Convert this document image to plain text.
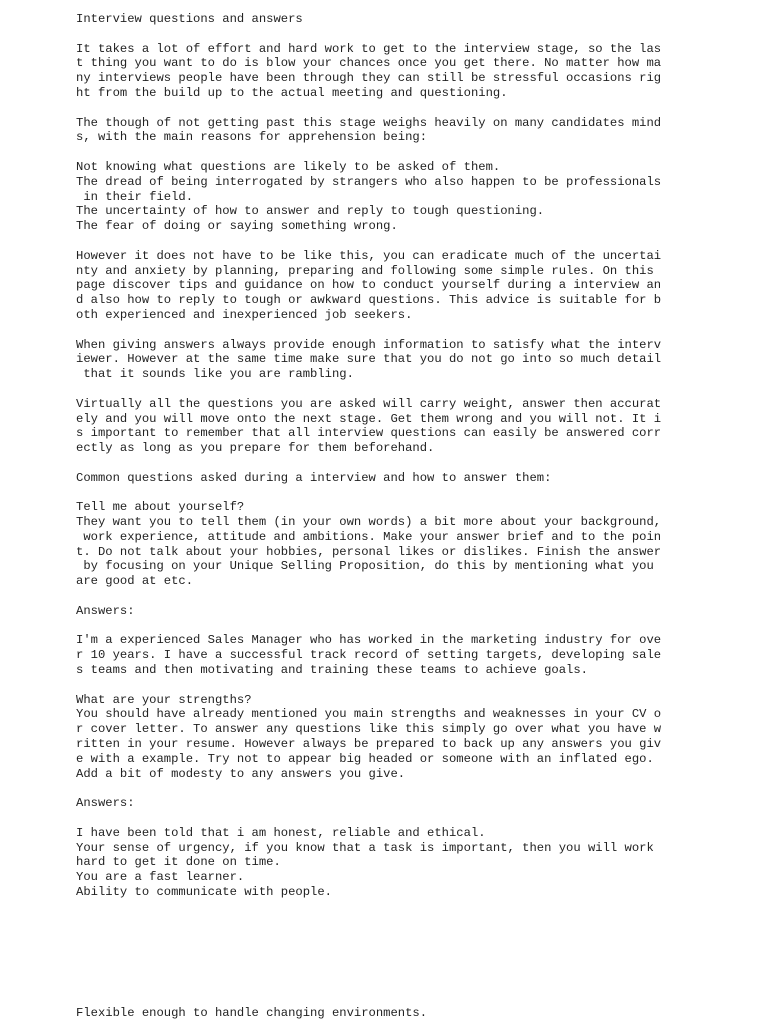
Interview questions and answers
It takes a lot of effort and hard work to get to the interview stage, so the las
t thing you want to do is blow your chances once you get there. No matter how ma
ny interviews people have been through they can still be stressful occasions rig
ht from the build up to the actual meeting and questioning.
The though of not getting past this stage weighs heavily on many candidates mind
s, with the main reasons for apprehension being:
Not knowing what questions are likely to be asked of them.
The dread of being interrogated by strangers who also happen to be professionals
in their field.
The uncertainty of how to answer and reply to tough questioning.
The fear of doing or saying something wrong.
However it does not have to be like this, you can eradicate much of the uncertai
nty and anxiety by planning, preparing and following some simple rules. On this
page discover tips and guidance on how to conduct yourself during a interview an
d also how to reply to tough or awkward questions. This advice is suitable for b
oth experienced and inexperienced job seekers.
When giving answers always provide enough information to satisfy what the interv
iewer. However at the same time make sure that you do not go into so much detail
that it sounds like you are rambling.
Virtually all the questions you are asked will carry weight, answer then accurat
ely and you will move onto the next stage. Get them wrong and you will not. It i
s important to remember that all interview questions can easily be answered corr
ectly as long as you prepare for them beforehand.
Common questions asked during a interview and how to answer them:
Tell me about yourself?
They want you to tell them (in your own words) a bit more about your background,
work experience, attitude and ambitions. Make your answer brief and to the poin
t. Do not talk about your hobbies, personal likes or dislikes. Finish the answer
by focusing on your Unique Selling Proposition, do this by mentioning what you
are good at etc.
Answers:
I'm a experienced Sales Manager who has worked in the marketing industry for ove
r 10 years. I have a successful track record of setting targets, developing sale
s teams and then motivating and training these teams to achieve goals.
What are your strengths?
You should have already mentioned you main strengths and weaknesses in your CV o
r cover letter. To answer any questions like this simply go over what you have w
ritten in your resume. However always be prepared to back up any answers you giv
e with a example. Try not to appear big headed or someone with an inflated ego.
Add a bit of modesty to any answers you give.
Answers:
I have been told that i am honest, reliable and ethical.
Your sense of urgency, if you know that a task is important, then you will work
hard to get it done on time.
You are a fast learner.
Ability to communicate with people.
Flexible enough to handle changing environments.
